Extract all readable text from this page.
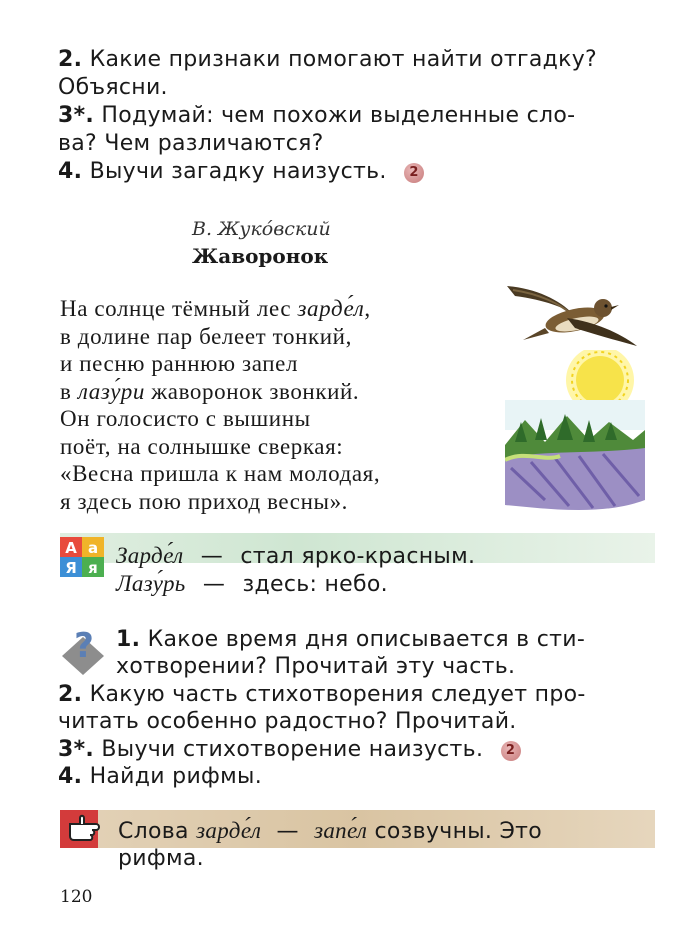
2. Какие признаки помогают найти отгадку?
Объясни.
3*. Подумай: чем похожи выделенные сло-
ва? Чем различаются?
4. Выучи загадку наизусть. 2
В. Жуко́вский
Жаворонок
На солнце тёмный лес зарде́л,
в долине пар белеет тонкий,
и песню раннюю запел
в лазу́ри жаворонок звонкий.
Он голосисто с вышины
поёт, на солнышке сверкая:
«Весна пришла к нам молодая,
я здесь пою приход весны».
А а
Я я Зарде́л — стал ярко-красным.
Лазу́рь — здесь: небо.
? 1. Какое время дня описывается в сти-
хотворении? Прочитай эту часть.
2. Какую часть стихотворения следует про-
читать особенно радостно? Прочитай.
3*. Выучи стихотворение наизусть. 2
4. Найди рифмы.
Слова зарде́л — запе́л созвучны. Это
рифма.
120
